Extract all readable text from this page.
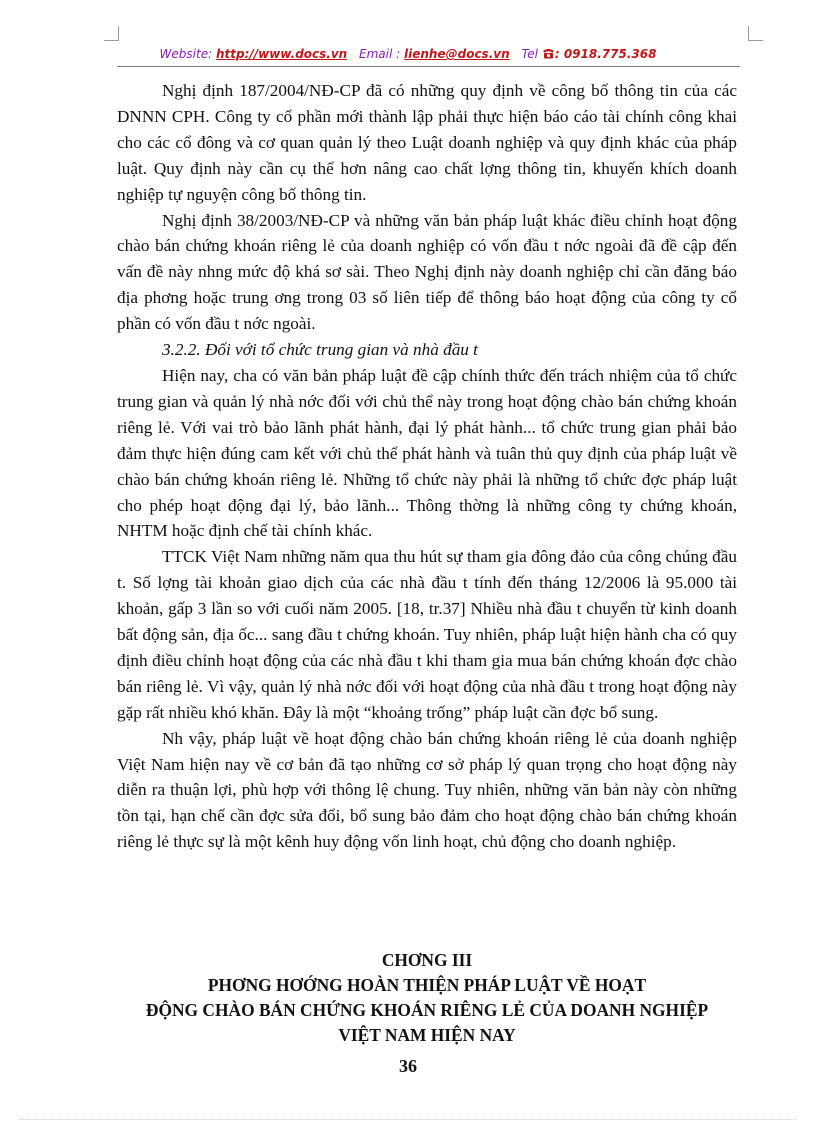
Website: http://www.docs.vn Email : lienhe@docs.vn Tel : 0918.775.368

Nghị định 187/2004/NĐ-CP đã có những quy định về công bố thông tin của các DNNN CPH. Công ty cổ phần mới thành lập phải thực hiện báo cáo tài chính công khai cho các cổ đông và cơ quan quản lý theo Luật doanh nghiệp và quy định khác của pháp luật. Quy định này cần cụ thể hơn nâng cao chất lợng thông tin, khuyến khích doanh nghiệp tự nguyện công bố thông tin.

Nghị định 38/2003/NĐ-CP và những văn bản pháp luật khác điều chỉnh hoạt động chào bán chứng khoán riêng lẻ của doanh nghiệp có vốn đầu t nớc ngoài đã đề cập đến vấn đề này nhng mức độ khá sơ sài. Theo Nghị định này doanh nghiệp chỉ cần đăng báo địa phơng hoặc trung ơng trong 03 số liên tiếp để thông báo hoạt động của công ty cổ phần có vốn đầu t nớc ngoài.

3.2.2. Đối với tổ chức trung gian và nhà đầu t

Hiện nay, cha có văn bản pháp luật đề cập chính thức đến trách nhiệm của tổ chức trung gian và quản lý nhà nớc đối với chủ thể này trong hoạt động chào bán chứng khoán riêng lẻ. Với vai trò bảo lãnh phát hành, đại lý phát hành... tổ chức trung gian phải bảo đảm thực hiện đúng cam kết với chủ thể phát hành và tuân thủ quy định của pháp luật về chào bán chứng khoán riêng lẻ. Những tổ chức này phải là những tổ chức đợc pháp luật cho phép hoạt động đại lý, bảo lãnh... Thông thờng là những công ty chứng khoán, NHTM hoặc định chế tài chính khác.

TTCK Việt Nam những năm qua thu hút sự tham gia đông đảo của công chúng đầu t. Số lợng tài khoản giao dịch của các nhà đầu t tính đến tháng 12/2006 là 95.000 tài khoản, gấp 3 lần so với cuối năm 2005. [18, tr.37] Nhiều nhà đầu t chuyển từ kinh doanh bất động sản, địa ốc... sang đầu t chứng khoán. Tuy nhiên, pháp luật hiện hành cha có quy định điều chỉnh hoạt động của các nhà đầu t khi tham gia mua bán chứng khoán đợc chào bán riêng lẻ. Vì vậy, quản lý nhà nớc đối với hoạt động của nhà đầu t trong hoạt động này gặp rất nhiều khó khăn. Đây là một “khoảng trống” pháp luật cần đợc bổ sung.

Nh vậy, pháp luật về hoạt động chào bán chứng khoán riêng lẻ của doanh nghiệp Việt Nam hiện nay về cơ bản đã tạo những cơ sở pháp lý quan trọng cho hoạt động này diễn ra thuận lợi, phù hợp với thông lệ chung. Tuy nhiên, những văn bản này còn những tồn tại, hạn chế cần đợc sửa đổi, bổ sung bảo đảm cho hoạt động chào bán chứng khoán riêng lẻ thực sự là một kênh huy động vốn linh hoạt, chủ động cho doanh nghiệp.

CHƠNG III
PHƠNG HƠỚNG HOÀN THIỆN PHÁP LUẬT VỀ HOẠT
ĐỘNG CHÀO BÁN CHỨNG KHOÁN RIÊNG LẺ CỦA DOANH NGHIỆP
VIỆT NAM HIỆN NAY
36
